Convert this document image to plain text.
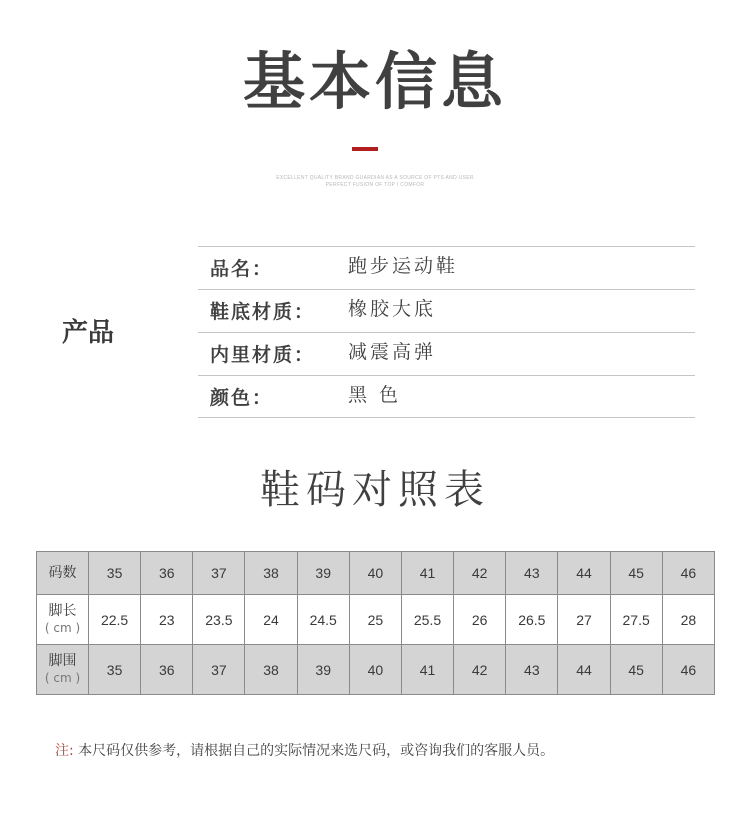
基本信息
EXCELLENT QUALITY BRAND GUARDIAN AS A SOURCE OF PTS AND USER
PERFECT FUSION OF TOP I COMFOR
产品
品名：	跑步运动鞋
鞋底材质： 橡胶大底
内里材质： 减震高弹
颜色：	黑 色
鞋码对照表
码数	35	36	37	38	39	40	41	42	43	44	45	46
脚长
( cm )	22.5	23	23.5	24	24.5	25	25.5	26	26.5	27	27.5	28
脚围
( cm )	35	36	37	38	39	40	41	42	43	44	45	46
注: 本尺码仅供参考，请根据自己的实际情况来选尺码，或咨询我们的客服人员。
